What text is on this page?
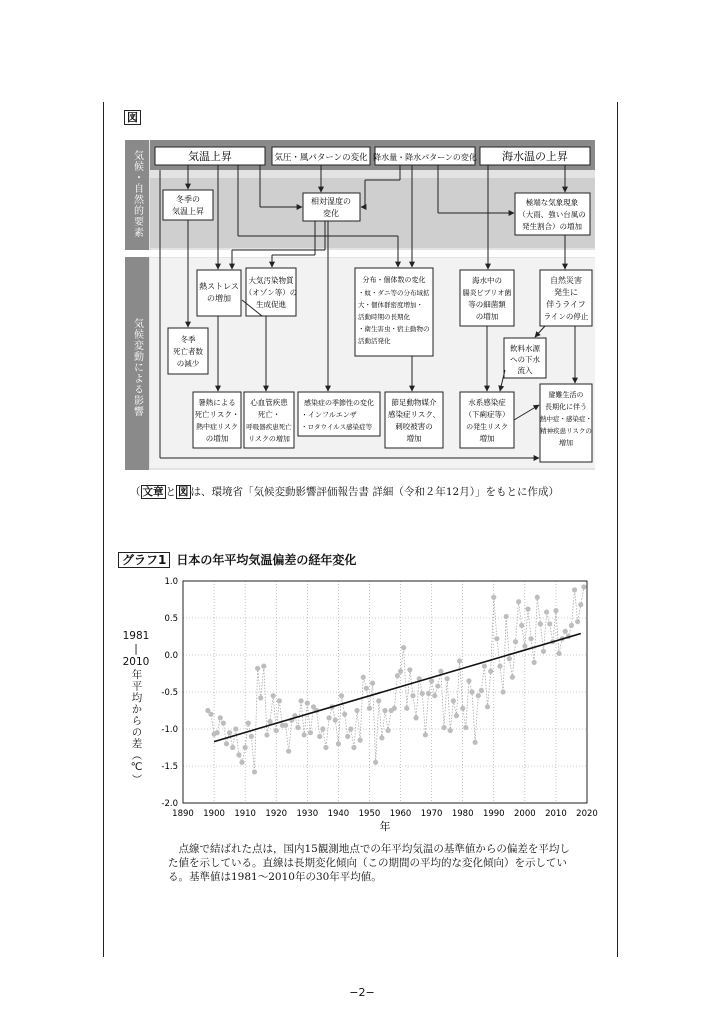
図
気候・自然的要素
気候変動による影響
気温上昇	気圧・風パターンの変化 降水量・降水パターンの変化 海水温の上昇
冬季の
気温上昇
相対湿度の
変化
極端な気象現象
（大雨、強い台風の
発生割合）の増加
熱ストレス
の増加
大気汚染物質
（オゾン等）の
生成促進
分布・個体数の変化
・蚊・ダニ等の分布域拡
大・個体群密度増加・
活動時期の長期化
・衛生害虫・宿主動物の
活動活発化
海水中の
腸炎ビブリオ菌
等の細菌類
の増加
自然災害
発生に
伴うライフ
ラインの停止
冬季
死亡者数
の減少
飲料水源
への下水
流入
暑熱による
死亡リスク・
熱中症リスク
の増加
心血管疾患
死亡・
呼吸器疾患死亡
リスクの増加
感染症の季節性の変化
・インフルエンザ
・ロタウイルス感染症等
節足動物媒介
感染症リスク、
刺咬被害の
増加
水系感染症
（下痢症等）
の発生リスク
増加
避難生活の
長期化に伴う
熱中症・感染症・
精神疾患リスクの
増加
（ 文章 と 図 は、環境省「気候変動影響評価報告書 詳細（令和２年12月）」をもとに作成）
グラフ1 日本の年平均気温偏差の経年変化
1981
|
2010
年平均からの差（℃）
1890 1900 1910 1920 1930 1940 1950 1960 1970 1980 1990 2000 2010 2020
-2.0
-1.5
-1.0
-0.5
0.0
0.5
1.0
年
点線で結ばれた点は，国内15観測地点での年平均気温の基準値からの偏差を平均した値を示している。直線は長期変化傾向（この期間の平均的な変化傾向）を示している。基準値は1981〜2010年の30年平均値。
−2−
